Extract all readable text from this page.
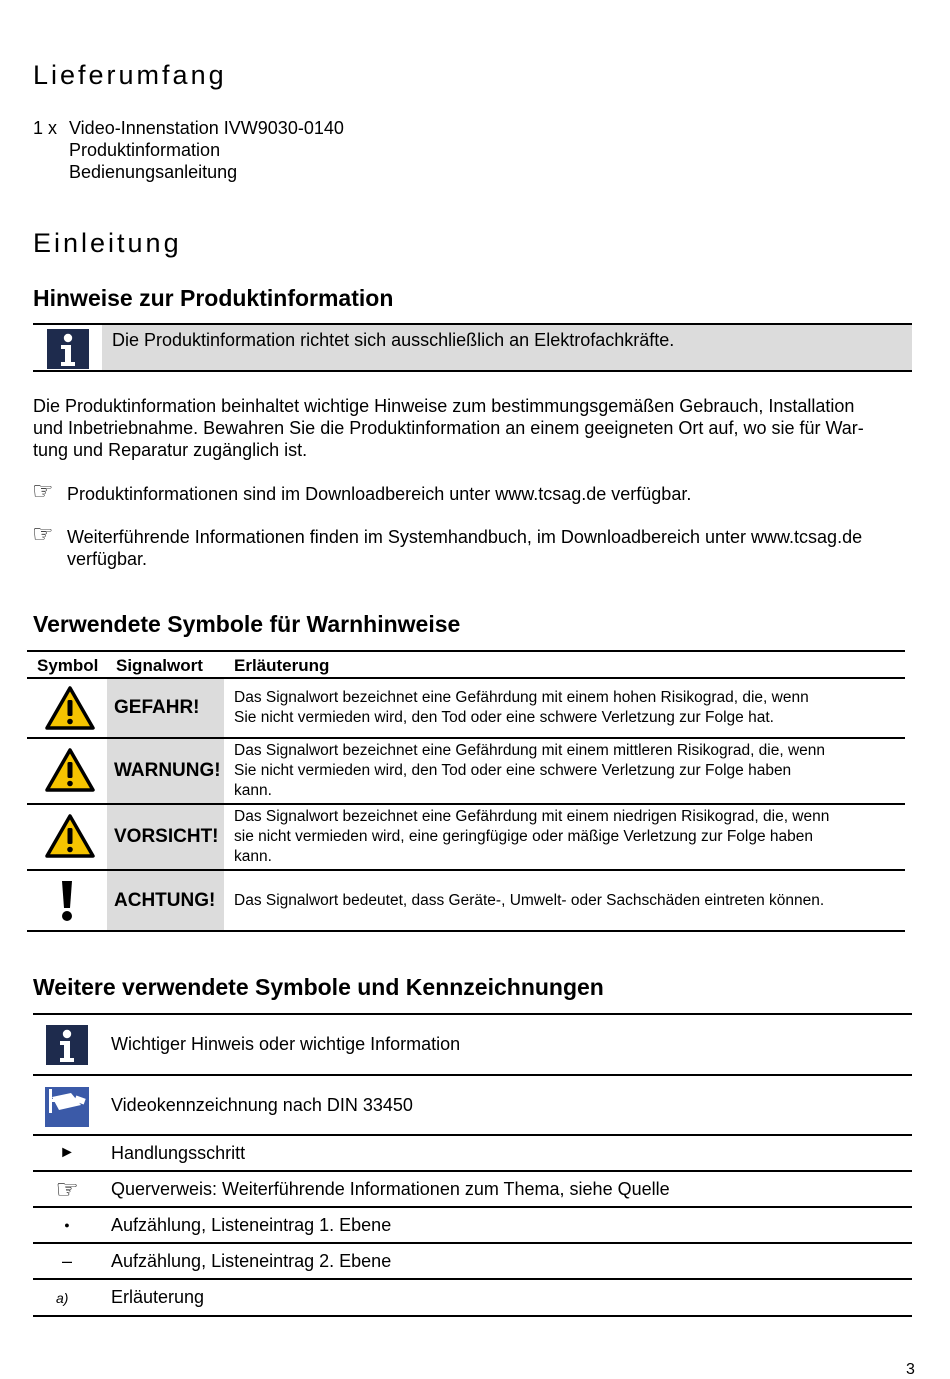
Lieferumfang
1 x Video-Innenstation IVW9030-0140
Produktinformation
Bedienungsanleitung
Einleitung
Hinweise zur Produktinformation
Die Produktinformation richtet sich ausschließlich an Elektrofachkräfte.
Die Produktinformation beinhaltet wichtige Hinweise zum bestimmungsgemäßen Gebrauch, Installation
und Inbetriebnahme. Bewahren Sie die Produktinformation an einem geeigneten Ort auf, wo sie für War-
tung und Reparatur zugänglich ist.
☞ Produktinformationen sind im Downloadbereich unter www.tcsag.de verfügbar.
☞ Weiterführende Informationen finden im Systemhandbuch, im Downloadbereich unter www.tcsag.de
verfügbar.
Verwendete Symbole für Warnhinweise
Symbol Signalwort Erläuterung
GEFAHR!	Das Signalwort bezeichnet eine Gefährdung mit einem hohen Risikograd, die, wenn
Sie nicht vermieden wird, den Tod oder eine schwere Verletzung zur Folge hat.
WARNUNG!
Das Signalwort bezeichnet eine Gefährdung mit einem mittleren Risikograd, die, wenn
Sie nicht vermieden wird, den Tod oder eine schwere Verletzung zur Folge haben
kann.
VORSICHT!
Das Signalwort bezeichnet eine Gefährdung mit einem niedrigen Risikograd, die, wenn
sie nicht vermieden wird, eine geringfügige oder mäßige Verletzung zur Folge haben
kann.
ACHTUNG!	Das Signalwort bedeutet, dass Geräte-, Umwelt- oder Sachschäden eintreten können.
Weitere verwendete Symbole und Kennzeichnungen
Wichtiger Hinweis oder wichtige Information
Videokennzeichnung nach DIN 33450
►	Handlungsschritt
☞	Querverweis: Weiterführende Informationen zum Thema, siehe Quelle
●	Aufzählung, Listeneintrag 1. Ebene
–	Aufzählung, Listeneintrag 2. Ebene
a)	Erläuterung
3
